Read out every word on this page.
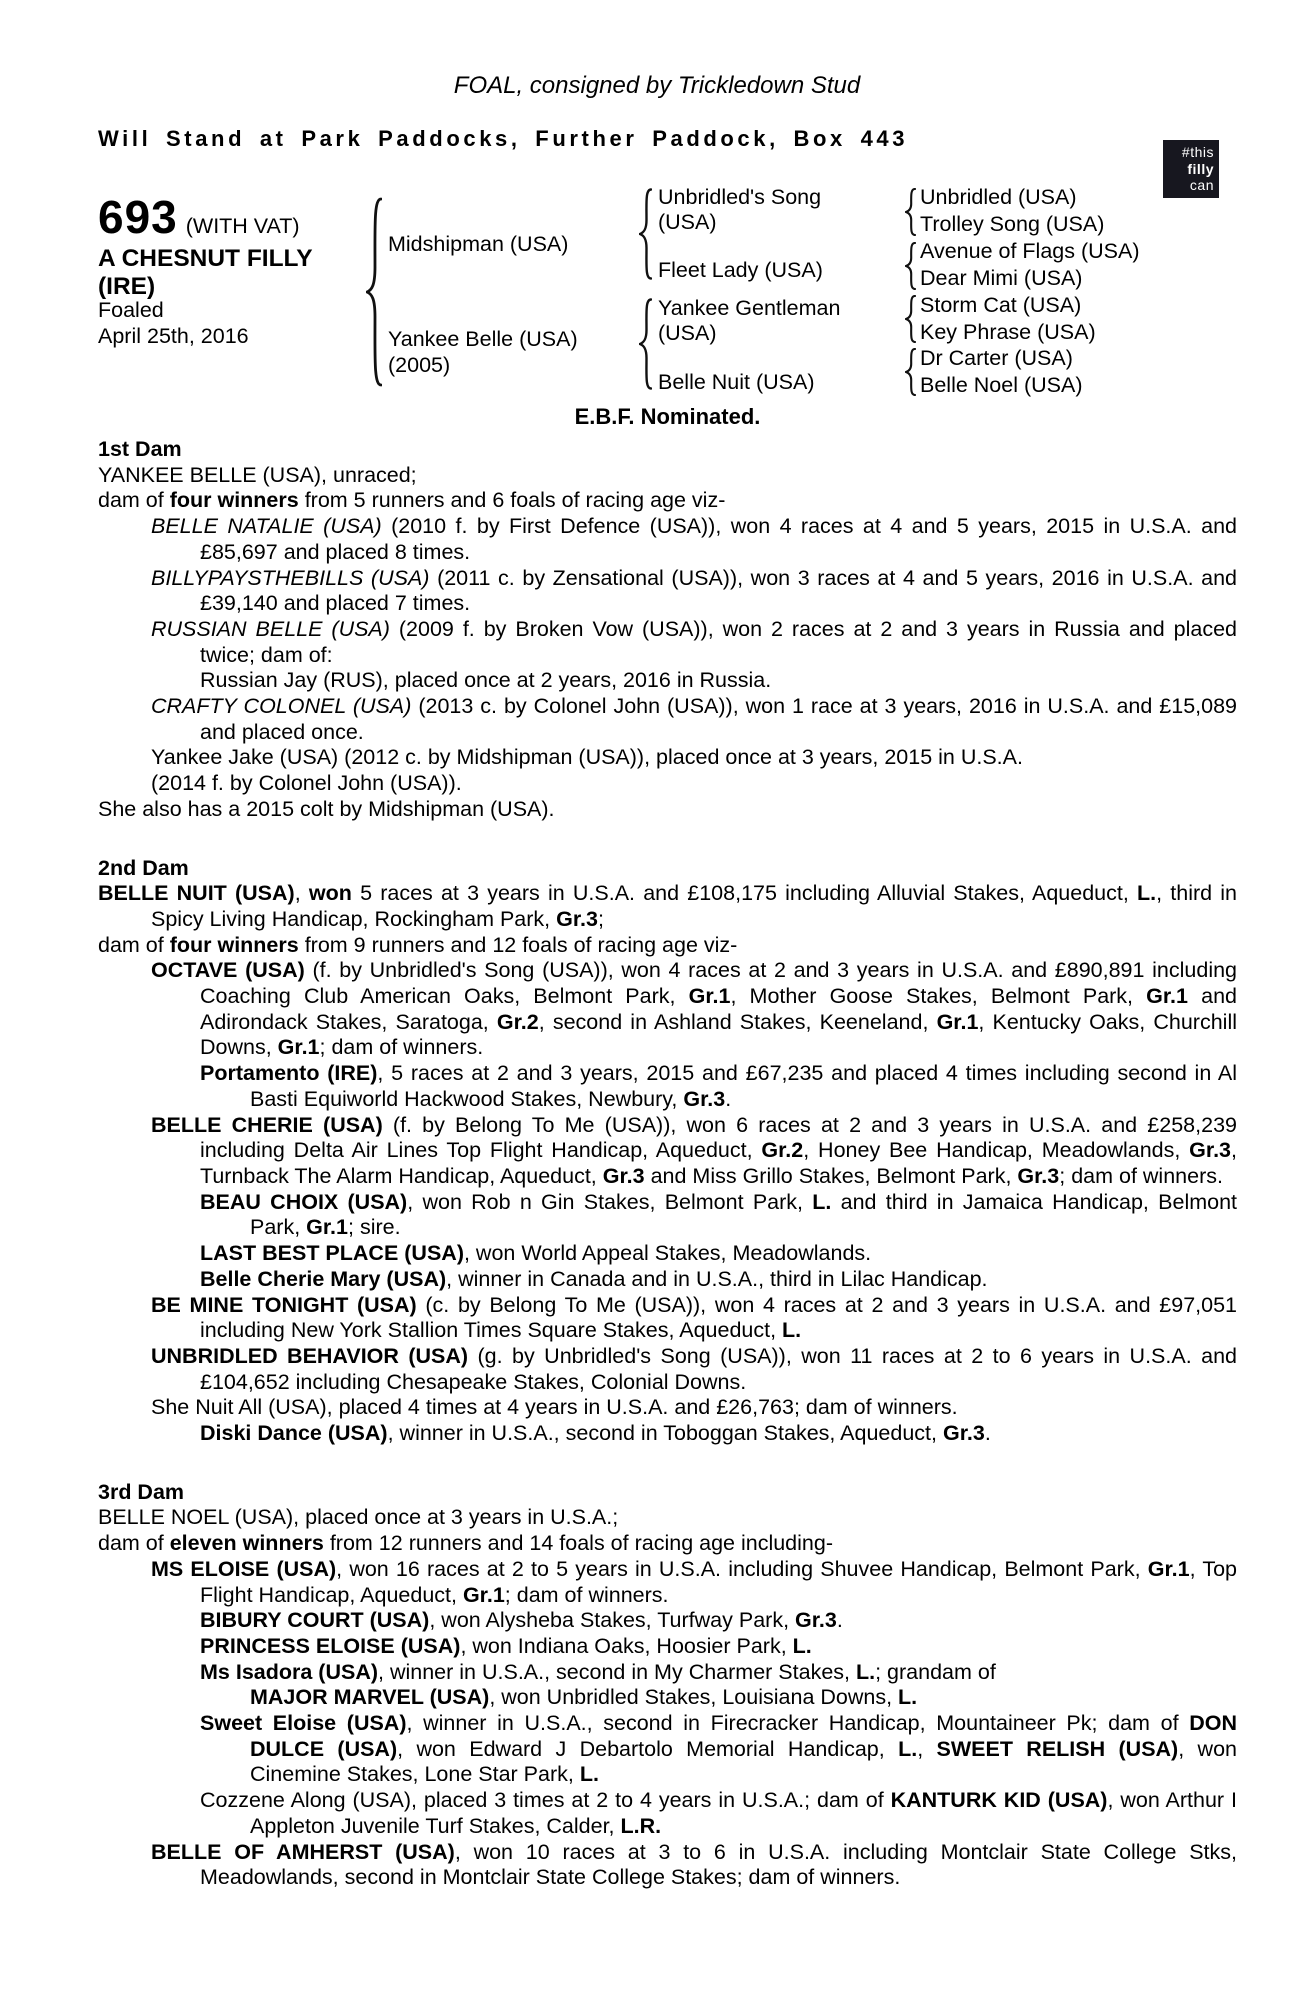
FOAL, consigned by Trickledown Stud
Will Stand at Park Paddocks, Further Paddock, Box 443
#this
filly
can
693 (WITH VAT)
A CHESNUT FILLY
(IRE)
Foaled
April 25th, 2016
Midshipman (USA)
Yankee Belle (USA)
(2005)
Unbridled's Song (USA)
Fleet Lady (USA)
Yankee Gentleman (USA)
Belle Nuit (USA)
Unbridled (USA)
Trolley Song (USA)
Avenue of Flags (USA)
Dear Mimi (USA)
Storm Cat (USA)
Key Phrase (USA)
Dr Carter (USA)
Belle Noel (USA)
E.B.F. Nominated.
1st Dam

YANKEE BELLE (USA), unraced;

dam of four winners from 5 runners and 6 foals of racing age viz-

BELLE NATALIE (USA) (2010 f. by First Defence (USA)), won 4 races at 4 and 5 years, 2015 in U.S.A. and £85,697 and placed 8 times.

BILLYPAYSTHEBILLS (USA) (2011 c. by Zensational (USA)), won 3 races at 4 and 5 years, 2016 in U.S.A. and £39,140 and placed 7 times.

RUSSIAN BELLE (USA) (2009 f. by Broken Vow (USA)), won 2 races at 2 and 3 years in Russia and placed twice; dam of:

Russian Jay (RUS), placed once at 2 years, 2016 in Russia.

CRAFTY COLONEL (USA) (2013 c. by Colonel John (USA)), won 1 race at 3 years, 2016 in U.S.A. and £15,089 and placed once.

Yankee Jake (USA) (2012 c. by Midshipman (USA)), placed once at 3 years, 2015 in U.S.A.

(2014 f. by Colonel John (USA)).

She also has a 2015 colt by Midshipman (USA).

2nd Dam

BELLE NUIT (USA), won 5 races at 3 years in U.S.A. and £108,175 including Alluvial Stakes, Aqueduct, L., third in Spicy Living Handicap, Rockingham Park, Gr.3;

dam of four winners from 9 runners and 12 foals of racing age viz-

OCTAVE (USA) (f. by Unbridled's Song (USA)), won 4 races at 2 and 3 years in U.S.A. and £890,891 including Coaching Club American Oaks, Belmont Park, Gr.1, Mother Goose Stakes, Belmont Park, Gr.1 and Adirondack Stakes, Saratoga, Gr.2, second in Ashland Stakes, Keeneland, Gr.1, Kentucky Oaks, Churchill Downs, Gr.1; dam of winners.

Portamento (IRE), 5 races at 2 and 3 years, 2015 and £67,235 and placed 4 times including second in Al Basti Equiworld Hackwood Stakes, Newbury, Gr.3.

BELLE CHERIE (USA) (f. by Belong To Me (USA)), won 6 races at 2 and 3 years in U.S.A. and £258,239 including Delta Air Lines Top Flight Handicap, Aqueduct, Gr.2, Honey Bee Handicap, Meadowlands, Gr.3, Turnback The Alarm Handicap, Aqueduct, Gr.3 and Miss Grillo Stakes, Belmont Park, Gr.3; dam of winners.

BEAU CHOIX (USA), won Rob n Gin Stakes, Belmont Park, L. and third in Jamaica Handicap, Belmont Park, Gr.1; sire.

LAST BEST PLACE (USA), won World Appeal Stakes, Meadowlands.

Belle Cherie Mary (USA), winner in Canada and in U.S.A., third in Lilac Handicap.

BE MINE TONIGHT (USA) (c. by Belong To Me (USA)), won 4 races at 2 and 3 years in U.S.A. and £97,051 including New York Stallion Times Square Stakes, Aqueduct, L.

UNBRIDLED BEHAVIOR (USA) (g. by Unbridled's Song (USA)), won 11 races at 2 to 6 years in U.S.A. and £104,652 including Chesapeake Stakes, Colonial Downs.

She Nuit All (USA), placed 4 times at 4 years in U.S.A. and £26,763; dam of winners.

Diski Dance (USA), winner in U.S.A., second in Toboggan Stakes, Aqueduct, Gr.3.

3rd Dam

BELLE NOEL (USA), placed once at 3 years in U.S.A.;

dam of eleven winners from 12 runners and 14 foals of racing age including-

MS ELOISE (USA), won 16 races at 2 to 5 years in U.S.A. including Shuvee Handicap, Belmont Park, Gr.1, Top Flight Handicap, Aqueduct, Gr.1; dam of winners.

BIBURY COURT (USA), won Alysheba Stakes, Turfway Park, Gr.3.

PRINCESS ELOISE (USA), won Indiana Oaks, Hoosier Park, L.

Ms Isadora (USA), winner in U.S.A., second in My Charmer Stakes, L.; grandam of

MAJOR MARVEL (USA), won Unbridled Stakes, Louisiana Downs, L.

Sweet Eloise (USA), winner in U.S.A., second in Firecracker Handicap, Mountaineer Pk; dam of DON DULCE (USA), won Edward J Debartolo Memorial Handicap, L., SWEET RELISH (USA), won Cinemine Stakes, Lone Star Park, L.

Cozzene Along (USA), placed 3 times at 2 to 4 years in U.S.A.; dam of KANTURK KID (USA), won Arthur I Appleton Juvenile Turf Stakes, Calder, L.R.

BELLE OF AMHERST (USA), won 10 races at 3 to 6 in U.S.A. including Montclair State College Stks, Meadowlands, second in Montclair State College Stakes; dam of winners.
